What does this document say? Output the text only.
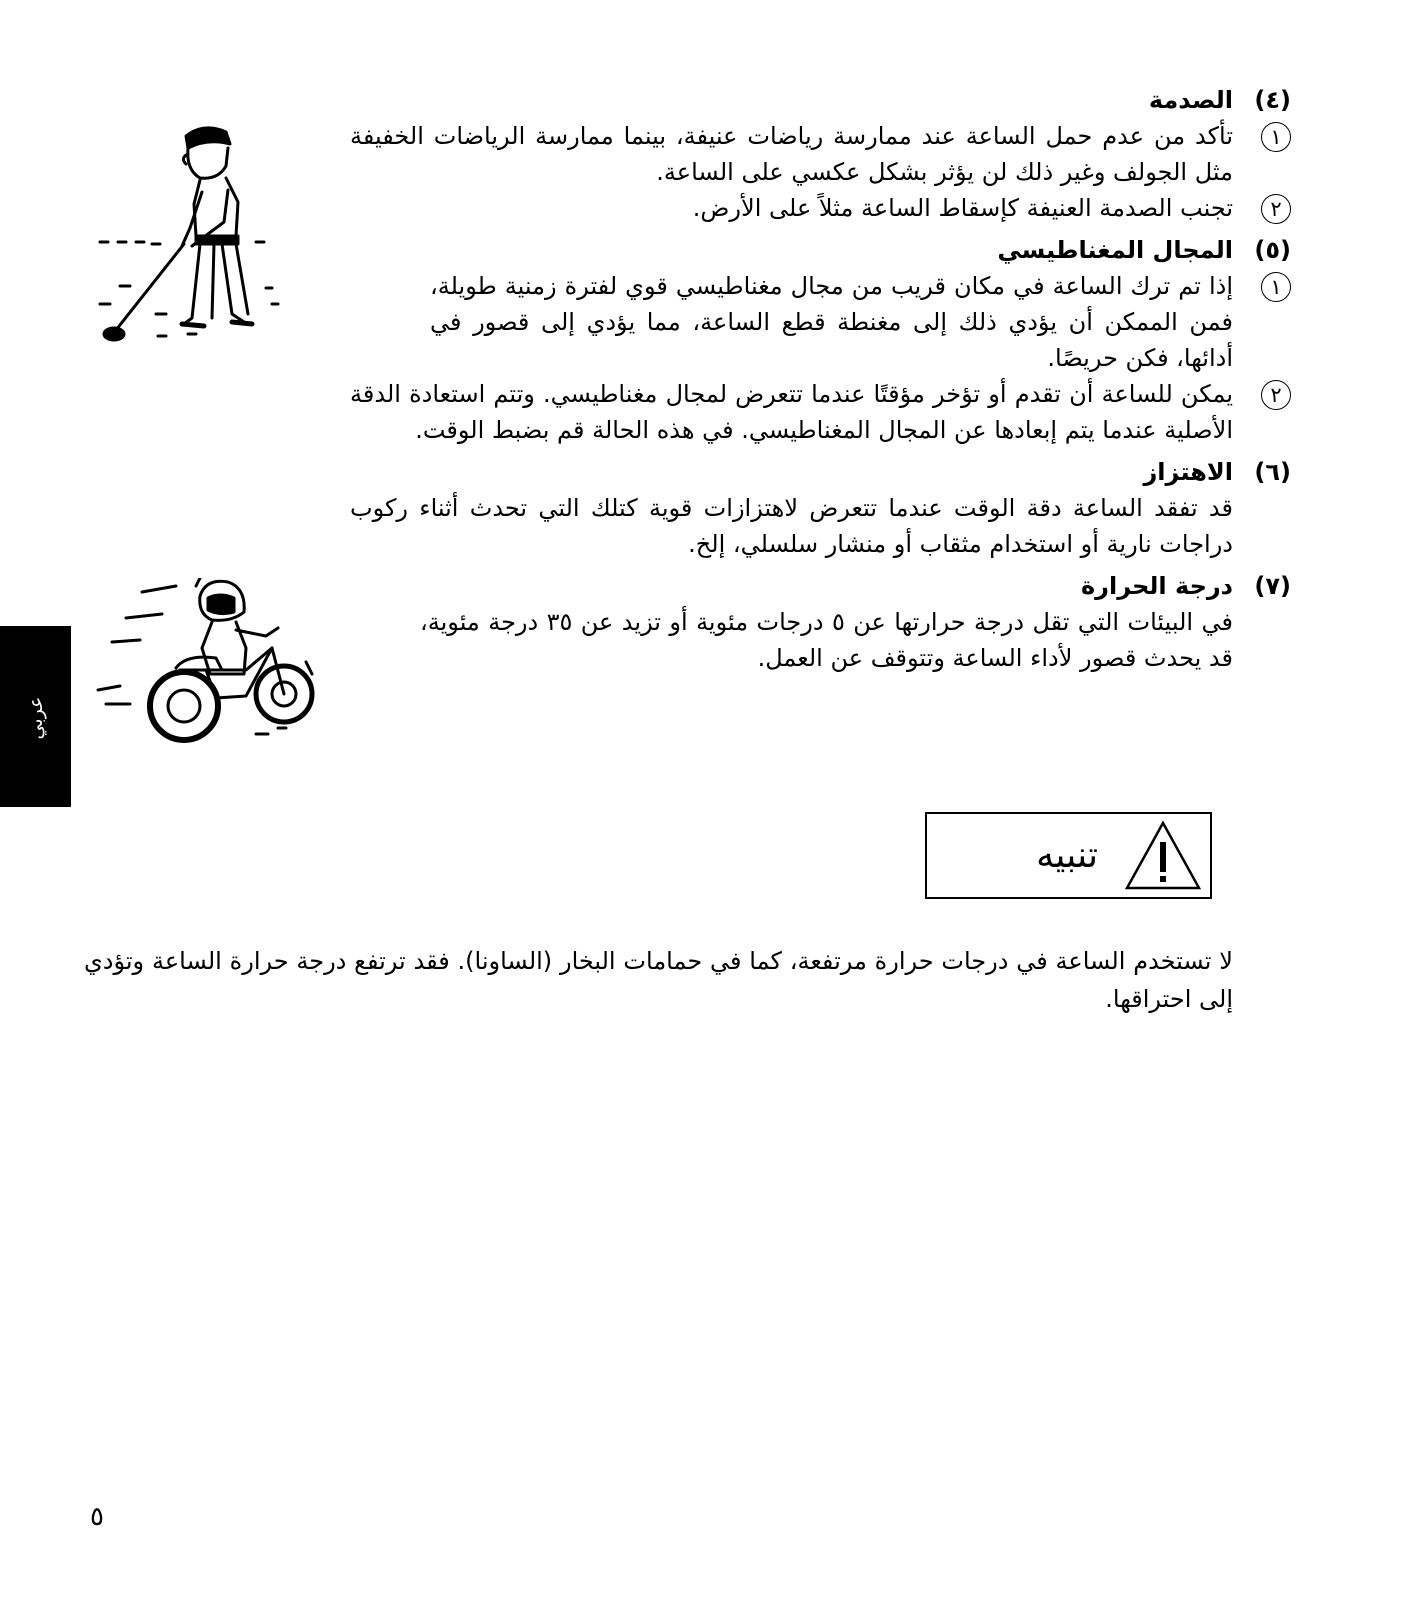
عربي
(٤)
الصدمة
١

تأكد من عدم حمل الساعة عند ممارسة رياضات عنيفة، بينما ممارسة الرياضات الخفيفة مثل الجولف وغير ذلك لن يؤثر بشكل عكسي على الساعة.

٢

تجنب الصدمة العنيفة كإسقاط الساعة مثلاً على الأرض.

(٥)
المجال المغناطيسي
١

إذا تم ترك الساعة في مكان قريب من مجال مغناطيسي قوي لفترة زمنية طويلة، فمن الممكن أن يؤدي ذلك إلى مغنطة قطع الساعة، مما يؤدي إلى قصور في أدائها، فكن حريصًا.

٢

يمكن للساعة أن تقدم أو تؤخر مؤقتًا عندما تتعرض لمجال مغناطيسي. وتتم استعادة الدقة الأصلية عندما يتم إبعادها عن المجال المغناطيسي. في هذه الحالة قم بضبط الوقت.

(٦)
الاهتزاز

قد تفقد الساعة دقة الوقت عندما تتعرض لاهتزازات قوية كتلك التي تحدث أثناء ركوب دراجات نارية أو استخدام مثقاب أو منشار سلسلي، إلخ.

(٧)
درجة الحرارة

في البيئات التي تقل درجة حرارتها عن ٥ درجات مئوية أو تزيد عن ٣٥ درجة مئوية، قد يحدث قصور لأداء الساعة وتتوقف عن العمل.

تنبيه

لا تستخدم الساعة في درجات حرارة مرتفعة، كما في حمامات البخار (الساونا). فقد ترتفع درجة حرارة الساعة وتؤدي إلى احتراقها.

٥
